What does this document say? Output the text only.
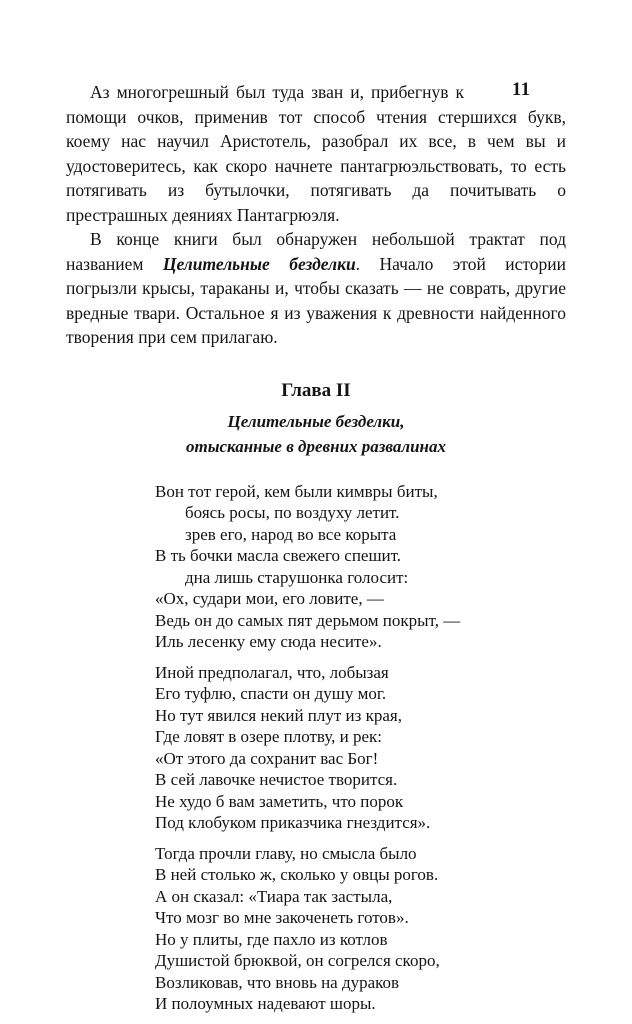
11

Аз многогрешный был туда зван и, прибегнув к помощи очков, применив тот способ чтения стершихся букв, коему нас научил Аристотель, разобрал их все, в чем вы и удостоверитесь, как скоро начнете пантагрюэльствовать, то есть потягивать из бутылочки, потягивать да почитывать о престрашных деяниях Пантагрюэля.

В конце книги был обнаружен небольшой трактат под названием Целительные безделки. Начало этой истории погрызли крысы, тараканы и, чтобы сказать — не соврать, другие вредные твари. Остальное я из уважения к древности найденного творения при сем прилагаю.

Глава II
Целительные безделки,
отысканные в древних развалинах
Вон тот герой, кем были кимвры биты,
боясь росы, по воздуху летит.
зрев его, народ во все корыта
В ть бочки масла свежего спешит.
дна лишь старушонка голосит:
«Ох, судари мои, его ловите, —
Ведь он до самых пят дерьмом покрыт, —
Иль лесенку ему сюда несите».
Иной предполагал, что, лобызая
Его туфлю, спасти он душу мог.
Но тут явился некий плут из края,
Где ловят в озере плотву, и рек:
«От этого да сохранит вас Бог!
В сей лавочке нечистое творится.
Не худо б вам заметить, что порок
Под клобуком приказчика гнездится».
Тогда прочли главу, но смысла было
В ней столько ж, сколько у овцы рогов.
А он сказал: «Тиара так застыла,
Что мозг во мне закоченеть готов».
Но у плиты, где пахло из котлов
Душистой брюквой, он согрелся скоро,
Возликовав, что вновь на дураков
И полоумных надевают шоры.
